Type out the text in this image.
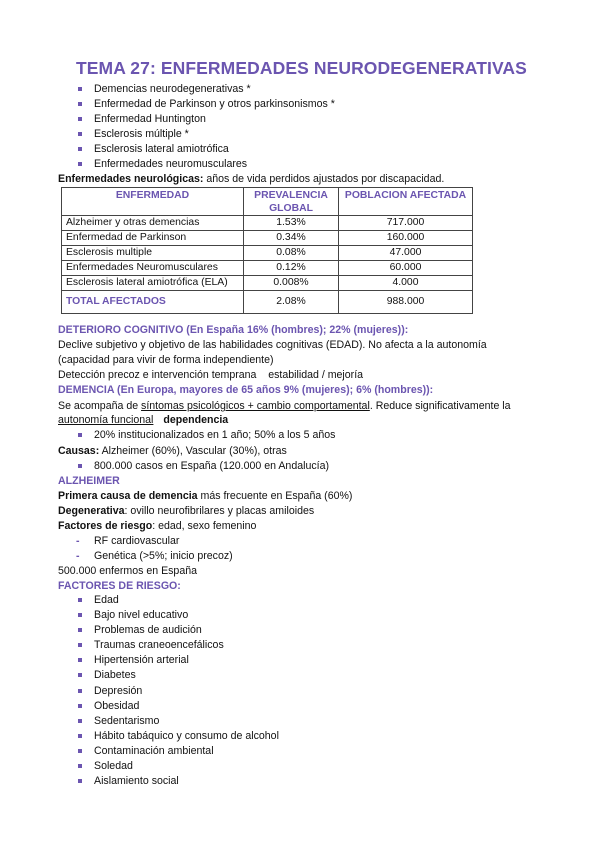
TEMA 27: ENFERMEDADES NEURODEGENERATIVAS
Demencias neurodegenerativas *
Enfermedad de Parkinson y otros parkinsonismos *
Enfermedad Huntington
Esclerosis múltiple *
Esclerosis lateral amiotrófica
Enfermedades neuromusculares
Enfermedades neurológicas: años de vida perdidos ajustados por discapacidad.
ENFERMEDAD	PREVALENCIA GLOBAL	POBLACION AFECTADA
Alzheimer y otras demencias	1.53%	717.000
Enfermedad de Parkinson	0.34%	160.000
Esclerosis multiple	0.08%	47.000
Enfermedades Neuromusculares	0.12%	60.000
Esclerosis lateral amiotrófica (ELA)	0.008%	4.000
TOTAL AFECTADOS	2.08%	988.000
DETERIORO COGNITIVO (En España 16% (hombres); 22% (mujeres)):
Declive subjetivo y objetivo de las habilidades cognitivas (EDAD). No afecta a la autonomía
(capacidad para vivir de forma independiente)
Detección precoz e intervención temprana    estabilidad / mejoría
DEMENCIA (En Europa, mayores de 65 años 9% (mujeres); 6% (hombres)):
Se acompaña de síntomas psicológicos + cambio comportamental. Reduce significativamente la
autonomía funcional dependencia
20% institucionalizados en 1 año; 50% a los 5 años
Causas: Alzheimer (60%), Vascular (30%), otras
800.000 casos en España (120.000 en Andalucía)
ALZHEIMER
Primera causa de demencia más frecuente en España (60%)
Degenerativa: ovillo neurofibrilares y placas amiloides
Factores de riesgo: edad, sexo femenino
- RF cardiovascular
- Genética (>5%; inicio precoz)
500.000 enfermos en España
FACTORES DE RIESGO:
Edad
Bajo nivel educativo
Problemas de audición
Traumas craneoencefálicos
Hipertensión arterial
Diabetes
Depresión
Obesidad
Sedentarismo
Hábito tabáquico y consumo de alcohol
Contaminación ambiental
Soledad
Aislamiento social
